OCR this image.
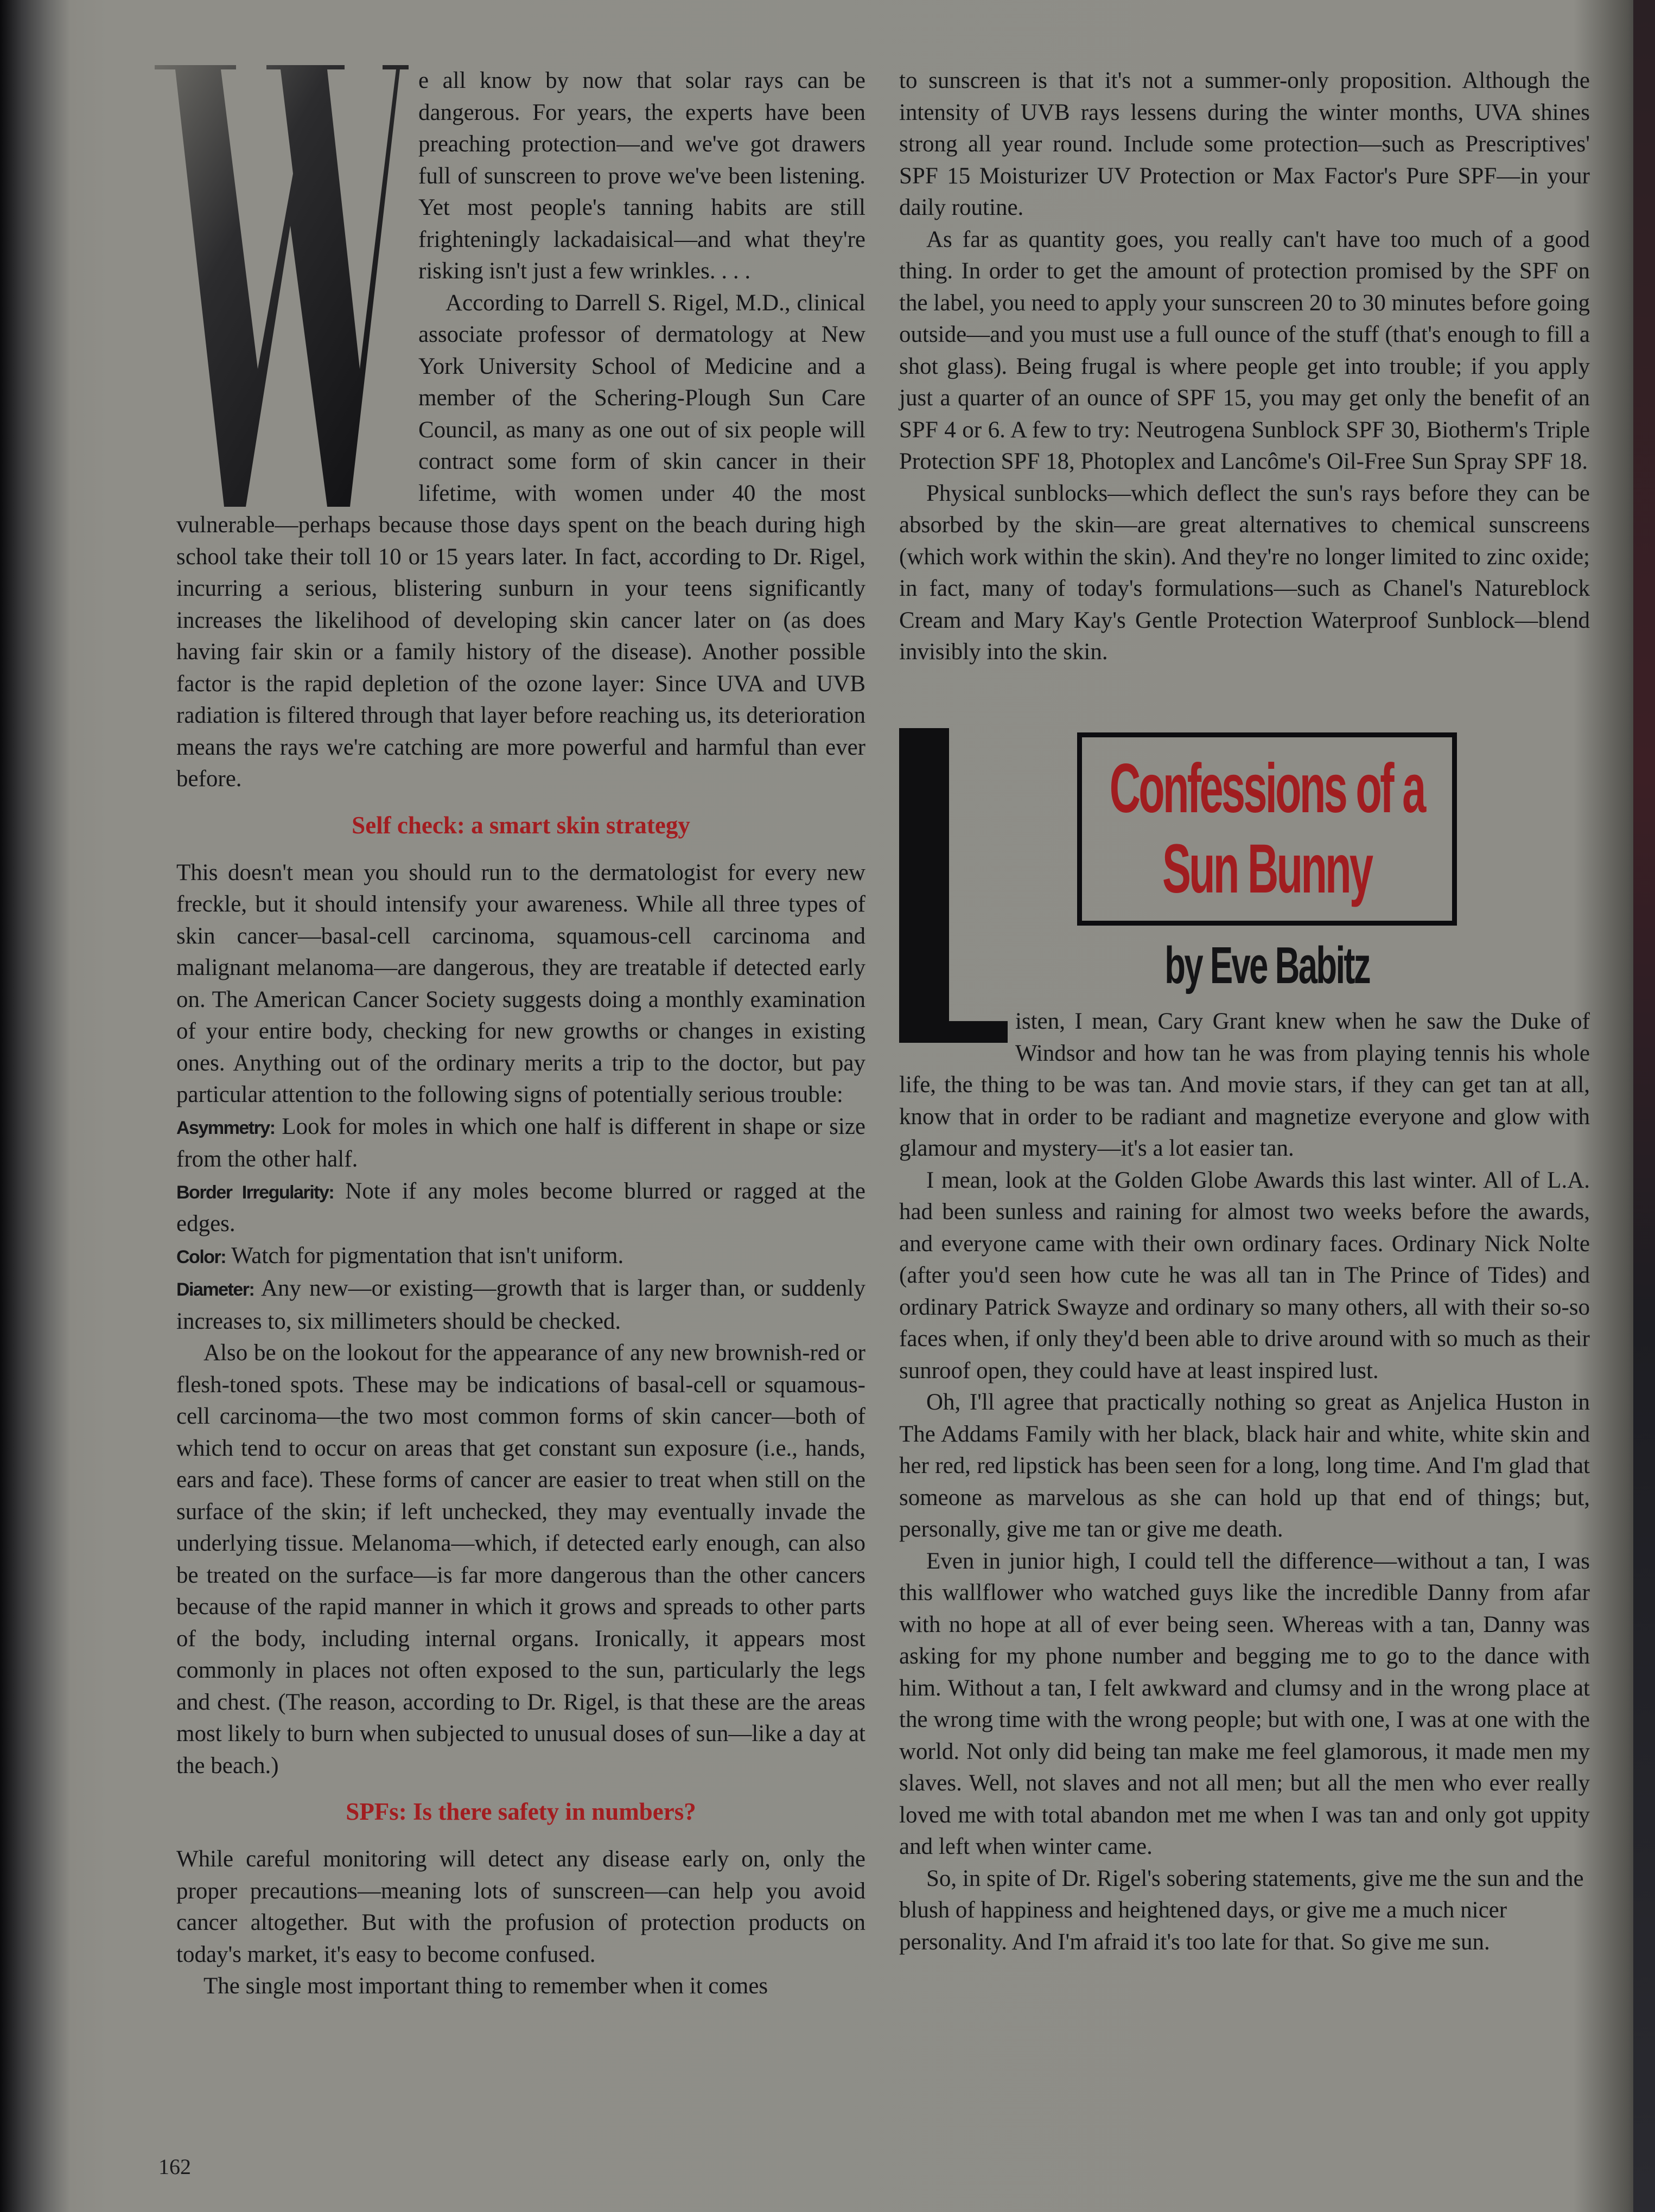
e all know by now that solar rays can be dangerous. For years, the experts have been preaching protection—and we've got drawers full of sunscreen to prove we've been listening. Yet most people's tanning habits are still frighteningly lackadaisical—and what they're risking isn't just a few wrinkles. . . .

According to Darrell S. Rigel, M.D., clinical associate professor of dermatology at New York University School of Medicine and a member of the Schering-Plough Sun Care Council, as many as one out of six people will contract some form of skin cancer in their lifetime, with women under 40 the most vulnerable—perhaps because those days spent on the beach during high school take their toll 10 or 15 years later. In fact, according to Dr. Rigel, incurring a serious, blistering sunburn in your teens significantly increases the likelihood of developing skin cancer later on (as does having fair skin or a family history of the disease). Another possible factor is the rapid depletion of the ozone layer: Since UVA and UVB radiation is filtered through that layer before reaching us, its deterioration means the rays we're catching are more powerful and harmful than ever before.

Self check: a smart skin strategy

This doesn't mean you should run to the dermatologist for every new freckle, but it should intensify your awareness. While all three types of skin cancer—basal-cell carcinoma, squamous-cell carcinoma and malignant melanoma—are dangerous, they are treatable if detected early on. The American Cancer Society suggests doing a monthly examination of your entire body, checking for new growths or changes in existing ones. Anything out of the ordinary merits a trip to the doctor, but pay particular attention to the following signs of potentially serious trouble:

Asymmetry: Look for moles in which one half is different in shape or size from the other half.

Border Irregularity: Note if any moles become blurred or ragged at the edges.

Color: Watch for pigmentation that isn't uniform.

Diameter: Any new—or existing—growth that is larger than, or suddenly increases to, six millimeters should be checked.

Also be on the lookout for the appearance of any new brownish-red or flesh-toned spots. These may be indications of basal-cell or squamous-cell carcinoma—the two most common forms of skin cancer—both of which tend to occur on areas that get constant sun exposure (i.e., hands, ears and face). These forms of cancer are easier to treat when still on the surface of the skin; if left unchecked, they may eventually invade the underlying tissue. Melanoma—which, if detected early enough, can also be treated on the surface—is far more dangerous than the other cancers because of the rapid manner in which it grows and spreads to other parts of the body, including internal organs. Ironically, it appears most commonly in places not often exposed to the sun, particularly the legs and chest. (The reason, according to Dr. Rigel, is that these are the areas most likely to burn when subjected to unusual doses of sun—like a day at the beach.)

SPFs: Is there safety in numbers?

While careful monitoring will detect any disease early on, only the proper precautions—meaning lots of sunscreen—can help you avoid cancer altogether. But with the profusion of protection products on today's market, it's easy to become confused.

The single most important thing to remember when it comes

to sunscreen is that it's not a summer-only proposition. Although the intensity of UVB rays lessens during the winter months, UVA shines strong all year round. Include some protection—such as Prescriptives' SPF 15 Moisturizer UV Protection or Max Factor's Pure SPF—in your daily routine.

As far as quantity goes, you really can't have too much of a good thing. In order to get the amount of protection promised by the SPF on the label, you need to apply your sunscreen 20 to 30 minutes before going outside—and you must use a full ounce of the stuff (that's enough to fill a shot glass). Being frugal is where people get into trouble; if you apply just a quarter of an ounce of SPF 15, you may get only the benefit of an SPF 4 or 6. A few to try: Neutrogena Sunblock SPF 30, Biotherm's Triple Protection SPF 18, Photoplex and Lancôme's Oil-Free Sun Spray SPF 18.

Physical sunblocks—which deflect the sun's rays before they can be absorbed by the skin—are great alternatives to chemical sunscreens (which work within the skin). And they're no longer limited to zinc oxide; in fact, many of today's formulations—such as Chanel's Natureblock Cream and Mary Kay's Gentle Protection Waterproof Sunblock—blend invisibly into the skin.

Confessions of a
Sun Bunny
by Eve Babitz

isten, I mean, Cary Grant knew when he saw the Duke of Windsor and how tan he was from playing tennis his whole life, the thing to be was tan. And movie stars, if they can get tan at all, know that in order to be radiant and magnetize everyone and glow with glamour and mystery—it's a lot easier tan.

I mean, look at the Golden Globe Awards this last winter. All of L.A. had been sunless and raining for almost two weeks before the awards, and everyone came with their own ordinary faces. Ordinary Nick Nolte (after you'd seen how cute he was all tan in The Prince of Tides) and ordinary Patrick Swayze and ordinary so many others, all with their so-so faces when, if only they'd been able to drive around with so much as their sunroof open, they could have at least inspired lust.

Oh, I'll agree that practically nothing so great as Anjelica Huston in The Addams Family with her black, black hair and white, white skin and her red, red lipstick has been seen for a long, long time. And I'm glad that someone as marvelous as she can hold up that end of things; but, personally, give me tan or give me death.

Even in junior high, I could tell the difference—without a tan, I was this wallflower who watched guys like the incredible Danny from afar with no hope at all of ever being seen. Whereas with a tan, Danny was asking for my phone number and begging me to go to the dance with him. Without a tan, I felt awkward and clumsy and in the wrong place at the wrong time with the wrong people; but with one, I was at one with the world. Not only did being tan make me feel glamorous, it made men my slaves. Well, not slaves and not all men; but all the men who ever really loved me with total abandon met me when I was tan and only got uppity and left when winter came.

So, in spite of Dr. Rigel's sobering statements, give me the sun and the blush of happiness and heightened days, or give me a much nicer personality. And I'm afraid it's too late for that. So give me sun.

162
